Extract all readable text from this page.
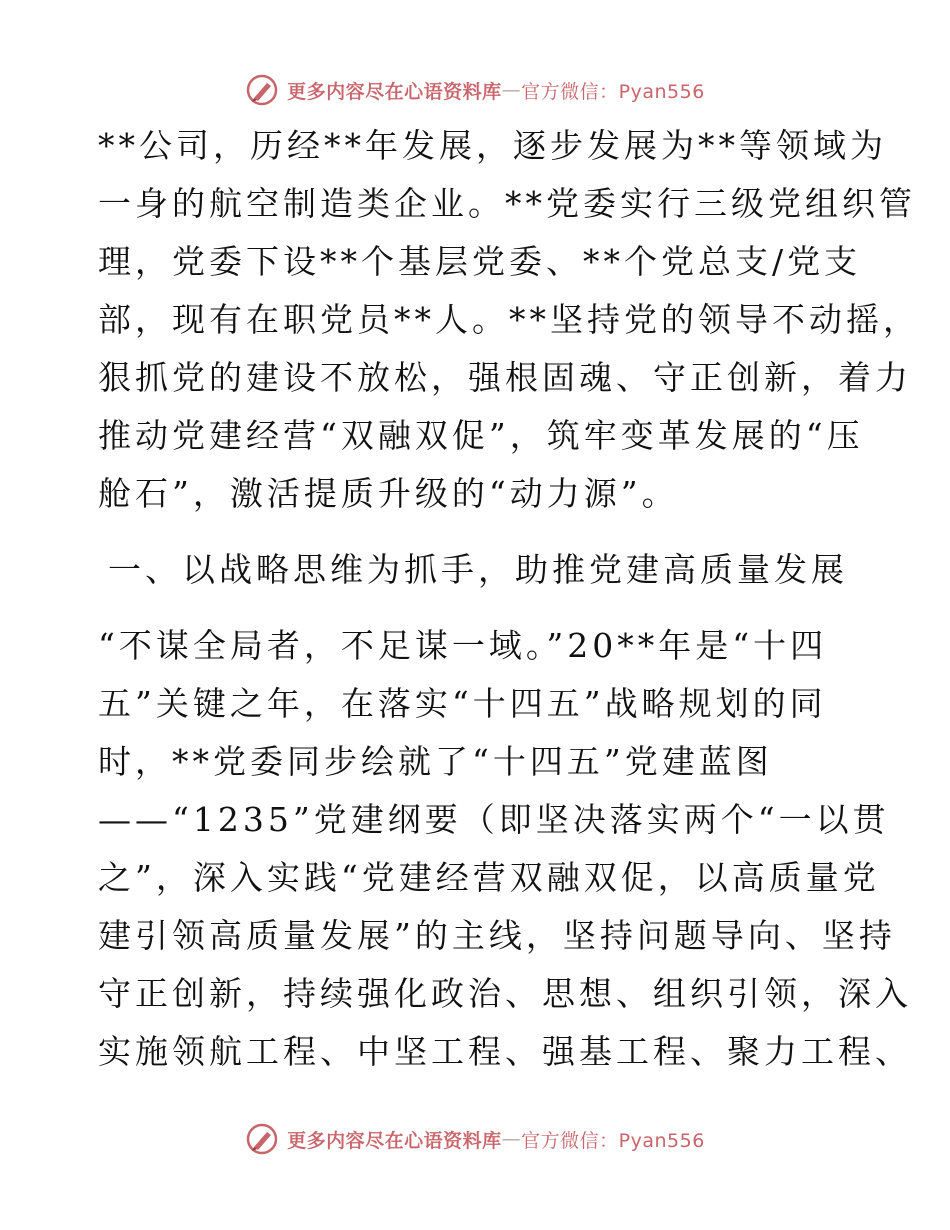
更多内容尽在心语资料库 — 官方微信：Pyan556
**公司，历经**年发展，逐步发展为**等领域为
一身的航空制造类企业。**党委实行三级党组织管
理，党委下设**个基层党委、**个党总支/党支
部，现有在职党员**人。**坚持党的领导不动摇，
狠抓党的建设不放松，强根固魂、守正创新，着力
推动党建经营“双融双促”，筑牢变革发展的“压
舱石”，激活提质升级的“动力源”。
一、以战略思维为抓手，助推党建高质量发展
“不谋全局者，不足谋一域。”20**年是“十四
五”关键之年，在落实“十四五”战略规划的同
时，**党委同步绘就了“十四五”党建蓝图
——“1235”党建纲要（即坚决落实两个“一以贯
之”，深入实践“党建经营双融双促，以高质量党
建引领高质量发展”的主线，坚持问题导向、坚持
守正创新，持续强化政治、思想、组织引领，深入
实施领航工程、中坚工程、强基工程、聚力工程、
更多内容尽在心语资料库 — 官方微信：Pyan556
